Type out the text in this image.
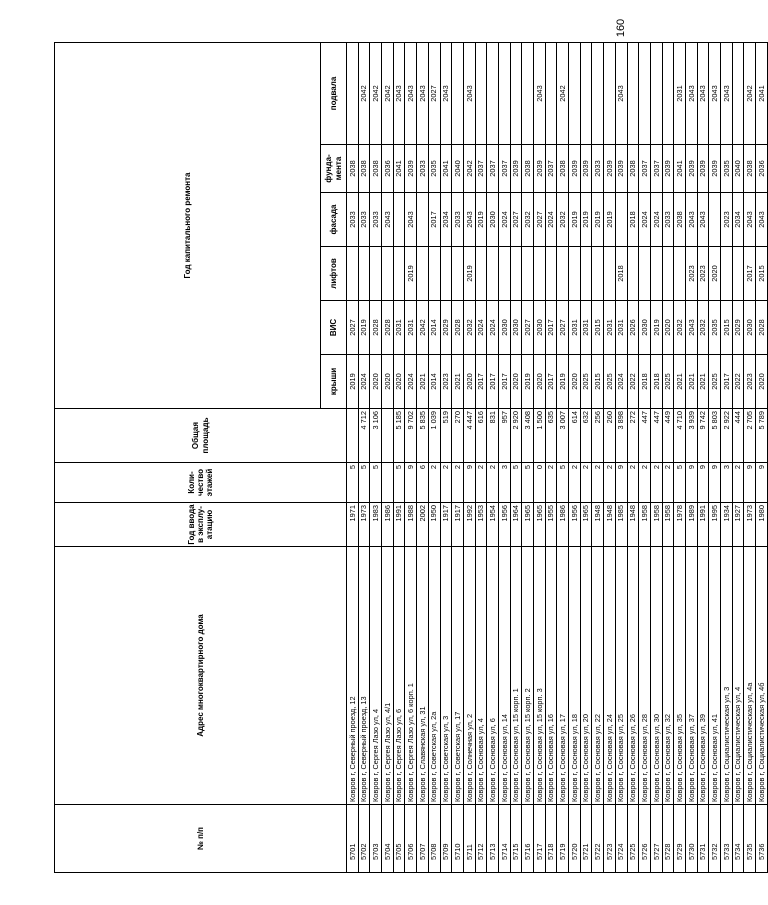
160
№ п/п	Адрес многоквартирного дома	Год ввода в эксплу-атацию	Коли-чество этажей	Общая площадь	Год капитального ремонта					
					крыши	ВИС	лифтов	фасада	фунда-мента	подвала
5701	Ковров г, Северный проезд, 12	1971	5		2019	2027		2033	2038	
5702	Ковров г, Северный проезд, 13	1973	5	4 712	2024	2019		2033	2038	2042
5703	Ковров г, Сергея Лазо ул, 4	1983	5	3 106	2020	2028		2033	2038	2042
5704	Ковров г, Сергея Лазо ул, 4/1	1986			2020	2028		2043	2036	2042
5705	Ковров г, Сергея Лазо ул, 6	1991	5	5 185	2020	2031			2041	2043
5706	Ковров г, Сергея Лазо ул, 6 корп. 1	1988	9	9 702	2024	2031	2019	2043	2039	2043
5707	Ковров г, Славянская ул, 31	2002	6	5 835	2021	2042			2033	2043
5708	Ковров г, Советская ул, 2а	1950	2	1 039	2014	2014		2017	2035	2027
5709	Ковров г, Советская ул, 3	1917	2	519	2023	2029		2034	2041	2043
5710	Ковров г, Советская ул, 17	1917	2	270	2021	2028		2033	2040	
5711	Ковров г, Солнечная ул, 2	1992	9	4 447	2020	2032	2019	2043	2042	2043
5712	Ковров г, Сосновая ул, 4	1953	2	616	2017	2024		2019	2037	
5713	Ковров г, Сосновая ул, 6	1954	2	831	2017	2024		2030	2037	
5714	Ковров г, Сосновая ул, 14	1956	3	957	2017	2030		2024	2037	
5715	Ковров г, Сосновая ул, 15 корп. 1	1964	5	2 920	2020	2030		2027	2039	
5716	Ковров г, Сосновая ул, 15 корп. 2	1965	5	3 408	2019	2027		2032	2038	
5717	Ковров г, Сосновая ул, 15 корп. 3	1965	0	1 500	2020	2030		2027	2039	2043
5718	Ковров г, Сосновая ул, 16	1955	2	635	2017	2017		2024	2037	
5719	Ковров г, Сосновая ул, 17	1986	5	3 007	2019	2027		2032	2038	2042
5720	Ковров г, Сосновая ул, 18	1956	2	614	2020	2031		2019	2039	
5721	Ковров г, Сосновая ул, 20	1965	2	632	2025	2031		2019	2039	
5722	Ковров г, Сосновая ул, 22	1948	2	256	2015	2015		2019	2033	
5723	Ковров г, Сосновая ул, 24	1948	2	260	2025	2031		2019	2039	
5724	Ковров г, Сосновая ул, 25	1985	9	3 898	2024	2031	2018		2039	2043
5725	Ковров г, Сосновая ул, 26	1948	2	272	2022	2026		2018	2038	
5726	Ковров г, Сосновая ул, 28	1958	2	447	2018	2030		2024	2037	
5727	Ковров г, Сосновая ул, 30	1958	2	447	2018	2019		2024	2037	
5728	Ковров г, Сосновая ул, 32	1958	2	449	2025	2020		2033	2039	
5729	Ковров г, Сосновая ул, 35	1978	5	4 710	2021	2032		2038	2041	2031
5730	Ковров г, Сосновая ул, 37	1989	9	3 939	2021	2043	2023	2043	2039	2043
5731	Ковров г, Сосновая ул, 39	1991	9	9 742	2021	2032	2023	2043	2039	2043
5732	Ковров г, Сосновая ул, 41	1995	9	5 803	2025	2035	2020		2039	2043
5733	Ковров г, Социалистическая ул, 3	1934	3	2 922	2017	2015		2023	2035	2043
5734	Ковров г, Социалистическая ул, 4	1927	2	444	2022	2029		2034	2040	
5735	Ковров г, Социалистическая ул, 4а	1973	9	2 705	2023	2030	2017	2043	2038	2042
5736	Ковров г, Социалистическая ул, 4б	1980	9	5 789	2020	2028	2015	2043	2036	2041
